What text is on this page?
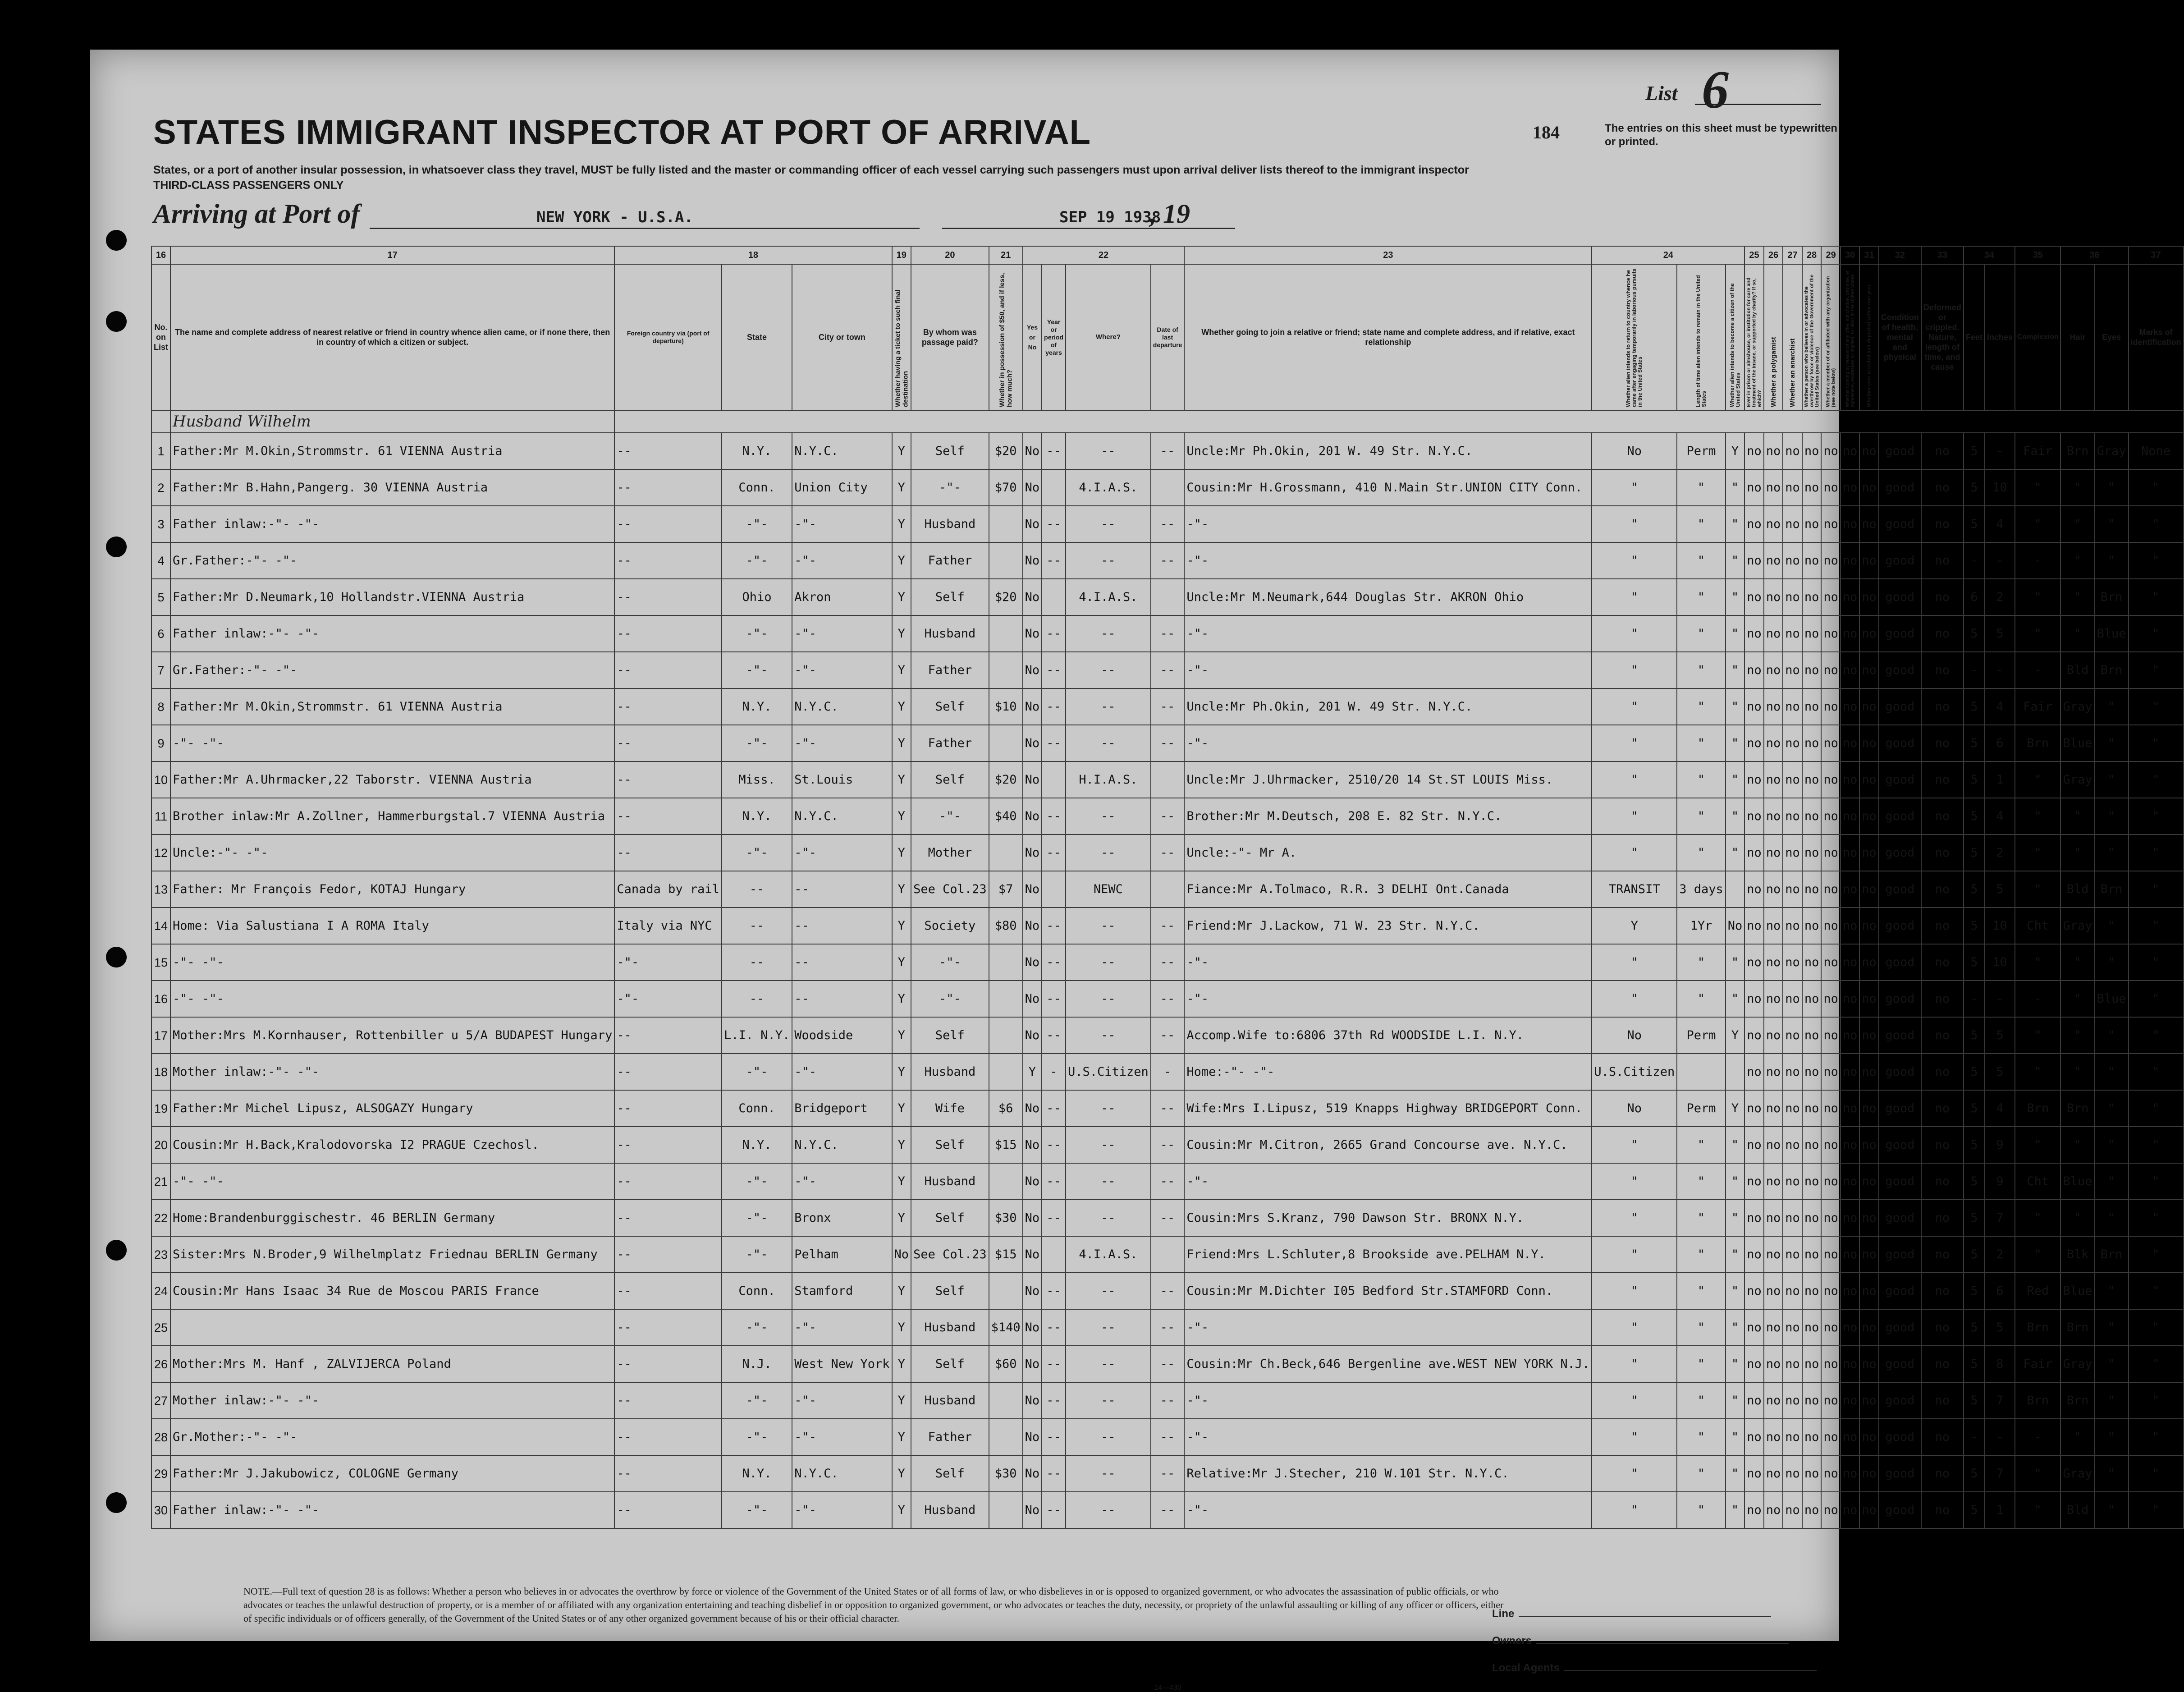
List 6
184	The entries on this sheet must be typewritten or printed.
STATES IMMIGRANT INSPECTOR AT PORT OF ARRIVAL
States, or a port of another insular possession, in whatsoever class they travel, MUST be fully listed and the master or commanding officer of each vessel carrying such passengers must upon arrival deliver lists thereof to the immigrant inspector
THIRD-CLASS PASSENGERS ONLY
Arriving at Port of	NEW YORK - U.S.A.	SEP 19 1938
, 19
16	17	18			19	20	21	22				23	24			25	26	27	28	29	30	31	32	33	34		35	36		37
No. on List	The name and complete address of nearest relative or friend in country whence alien came, or if none there, then in country of which a citizen or subject.	Foreign country via (port of departure)	State	City or town	Whether having a ticket to such final destination	By whom was passage paid?	Whether in possession of $50, and if less, how much?	Yes or No	Year or period of years	Where?	Date of last departure	Whether going to join a relative or friend; state name and complete address, and if relative, exact relationship	Whether alien intends to return to country whence he came after engaging temporarily in laborious pursuits in the United States	Length of time alien intends to remain in the United States	Whether alien intends to become a citizen of the United States	Ever in prison or almshouse, or institution for care and treatment of the insane, or supported by charity? If so, which?	Whether a polygamist	Whether an anarchist	Whether a person who believes in or advocates the overthrow by force or violence of the Government of the United States (see below)	Whether a member of or affiliated with any organization (see note below)	Whether coming by reason of any offer, solicitation, promise, or agreement, expressed or implied, to labor in the United States	Whether ever arrested and deported within one year	Condition of health, mental and physical	Deformed or crippled. Nature, length of time, and cause	Feet	Inches	Complexion	Hair	Eyes	Marks of identification
	Husband Wilhelm																													
1	Father:Mr M.Okin,Strommstr. 61 VIENNA Austria	--	N.Y.	N.Y.C.	Y	Self	$20	No	--	--	--	Uncle:Mr Ph.Okin, 201 W. 49 Str. N.Y.C.	No	Perm	Y	no	no	no	no	no	no	no	good	no	5	-	Fair	Brn	Gray	None
2	Father:Mr B.Hahn,Pangerg. 30 VIENNA Austria	--	Conn.	Union City	Y	-"-	$70	No		4.I.A.S.		Cousin:Mr H.Grossmann, 410 N.Main Str.UNION CITY Conn.	"	"	"	no	no	no	no	no	no	no	good	no	5	10	"	"	"	"
3	Father inlaw:-"- -"-	--	-"-	-"-	Y	Husband		No	--	--	--	-"-	"	"	"	no	no	no	no	no	no	no	good	no	5	4	"	"	"	"
4	Gr.Father:-"- -"-	--	-"-	-"-	Y	Father		No	--	--	--	-"-	"	"	"	no	no	no	no	no	no	no	good	no	-	-	-	"	"	"
5	Father:Mr D.Neumark,10 Hollandstr.VIENNA Austria	--	Ohio	Akron	Y	Self	$20	No		4.I.A.S.		Uncle:Mr M.Neumark,644 Douglas Str. AKRON Ohio	"	"	"	no	no	no	no	no	no	no	good	no	6	2	"	"	Brn	"
6	Father inlaw:-"- -"-	--	-"-	-"-	Y	Husband		No	--	--	--	-"-	"	"	"	no	no	no	no	no	no	no	good	no	5	5	"	"	Blue	"
7	Gr.Father:-"- -"-	--	-"-	-"-	Y	Father		No	--	--	--	-"-	"	"	"	no	no	no	no	no	no	no	good	no	-	-	-	Bld	Brn	"
8	Father:Mr M.Okin,Strommstr. 61 VIENNA Austria	--	N.Y.	N.Y.C.	Y	Self	$10	No	--	--	--	Uncle:Mr Ph.Okin, 201 W. 49 Str. N.Y.C.	"	"	"	no	no	no	no	no	no	no	good	no	5	4	Fair	Gray	"	"
9	-"- -"-	--	-"-	-"-	Y	Father		No	--	--	--	-"-	"	"	"	no	no	no	no	no	no	no	good	no	5	6	Brn	Blue	"	"
10	Father:Mr A.Uhrmacker,22 Taborstr. VIENNA Austria	--	Miss.	St.Louis	Y	Self	$20	No		H.I.A.S.		Uncle:Mr J.Uhrmacker, 2510/20 14 St.ST LOUIS Miss.	"	"	"	no	no	no	no	no	no	no	good	no	5	1	"	Gray	"	"
11	Brother inlaw:Mr A.Zollner, Hammerburgstal.7 VIENNA Austria	--	N.Y.	N.Y.C.	Y	-"-	$40	No	--	--	--	Brother:Mr M.Deutsch, 208 E. 82 Str. N.Y.C.	"	"	"	no	no	no	no	no	no	no	good	no	5	4	"	"	"	"
12	Uncle:-"- -"-	--	-"-	-"-	Y	Mother		No	--	--	--	Uncle:-"- Mr A.	"	"	"	no	no	no	no	no	no	no	good	no	5	2	"	"	"	"
13	Father: Mr François Fedor, KOTAJ Hungary	Canada by rail	--	--	Y	See Col.23	$7	No		NEWC		Fiance:Mr A.Tolmaco, R.R. 3 DELHI Ont.Canada	TRANSIT	3 days		no	no	no	no	no	no	no	good	no	5	5	"	Bld	Brn	"
14	Home: Via Salustiana I A ROMA Italy	Italy via NYC	--	--	Y	Society	$80	No	--	--	--	Friend:Mr J.Lackow, 71 W. 23 Str. N.Y.C.	Y	1Yr	No	no	no	no	no	no	no	no	good	no	5	10	Cht	Gray	"	"
15	-"- -"-	-"-	--	--	Y	-"-		No	--	--	--	-"-	"	"	"	no	no	no	no	no	no	no	good	no	5	10	"	"	"	"
16	-"- -"-	-"-	--	--	Y	-"-		No	--	--	--	-"-	"	"	"	no	no	no	no	no	no	no	good	no	-	-	-	"	Blue	"
17	Mother:Mrs M.Kornhauser, Rottenbiller u 5/A BUDAPEST Hungary	--	L.I. N.Y.	Woodside	Y	Self		No	--	--	--	Accomp.Wife to:6806 37th Rd WOODSIDE L.I. N.Y.	No	Perm	Y	no	no	no	no	no	no	no	good	no	5	5	"	"	"	"
18	Mother inlaw:-"- -"-	--	-"-	-"-	Y	Husband		Y	-	U.S.Citizen	-	Home:-"- -"-	U.S.Citizen			no	no	no	no	no	no	no	good	no	5	5	"	"	"	"
19	Father:Mr Michel Lipusz, ALSOGAZY Hungary	--	Conn.	Bridgeport	Y	Wife	$6	No	--	--	--	Wife:Mrs I.Lipusz, 519 Knapps Highway BRIDGEPORT Conn.	No	Perm	Y	no	no	no	no	no	no	no	good	no	5	4	Brn	Brn	"	"
20	Cousin:Mr H.Back,Kralodovorska I2 PRAGUE Czechosl.	--	N.Y.	N.Y.C.	Y	Self	$15	No	--	--	--	Cousin:Mr M.Citron, 2665 Grand Concourse ave. N.Y.C.	"	"	"	no	no	no	no	no	no	no	good	no	5	9	"	"	"	"
21	-"- -"-	--	-"-	-"-	Y	Husband		No	--	--	--	-"-	"	"	"	no	no	no	no	no	no	no	good	no	5	9	Cht	Blue	"	"
22	Home:Brandenburggischestr. 46 BERLIN Germany	--	-"-	Bronx	Y	Self	$30	No	--	--	--	Cousin:Mrs S.Kranz, 790 Dawson Str. BRONX N.Y.	"	"	"	no	no	no	no	no	no	no	good	no	5	7	"	"	"	"
23	Sister:Mrs N.Broder,9 Wilhelmplatz Friednau BERLIN Germany	--	-"-	Pelham	No	See Col.23	$15	No		4.I.A.S.		Friend:Mrs L.Schluter,8 Brookside ave.PELHAM N.Y.	"	"	"	no	no	no	no	no	no	no	good	no	5	2	"	Blk	Brn	"
24	Cousin:Mr Hans Isaac 34 Rue de Moscou PARIS France	--	Conn.	Stamford	Y	Self		No	--	--	--	Cousin:Mr M.Dichter I05 Bedford Str.STAMFORD Conn.	"	"	"	no	no	no	no	no	no	no	good	no	5	6	Red	Blue	"	"
25		--	-"-	-"-	Y	Husband	$140	No	--	--	--	-"-	"	"	"	no	no	no	no	no	no	no	good	no	5	5	Brn	Brn	"	"
26	Mother:Mrs M. Hanf , ZALVIJERCA Poland	--	N.J.	West New York	Y	Self	$60	No	--	--	--	Cousin:Mr Ch.Beck,646 Bergenline ave.WEST NEW YORK N.J.	"	"	"	no	no	no	no	no	no	no	good	no	5	8	Fair	Gray	"	"
27	Mother inlaw:-"- -"-	--	-"-	-"-	Y	Husband		No	--	--	--	-"-	"	"	"	no	no	no	no	no	no	no	good	no	5	7	Brn	Brn	"	"
28	Gr.Mother:-"- -"-	--	-"-	-"-	Y	Father		No	--	--	--	-"-	"	"	"	no	no	no	no	no	no	no	good	no	-	-	-	"	"	"
29	Father:Mr J.Jakubowicz, COLOGNE Germany	--	N.Y.	N.Y.C.	Y	Self	$30	No	--	--	--	Relative:Mr J.Stecher, 210 W.101 Str. N.Y.C.	"	"	"	no	no	no	no	no	no	no	good	no	5	7	"	Gray	"	"
30	Father inlaw:-"- -"-	--	-"-	-"-	Y	Husband		No	--	--	--	-"-	"	"	"	no	no	no	no	no	no	no	good	no	5	1	"	Bld	"	"
NOTE.—Full text of question 28 is as follows: Whether a person who believes in or advocates the overthrow by force or violence of the Government of the United States or of all forms of law, or who disbelieves in or is opposed to organized government, or who advocates the assassination of public officials, or who advocates or teaches the unlawful destruction of property, or is a member of or affiliated with any organization entertaining and teaching disbelief in or opposition to organized government, or who advocates or teaches the duty, necessity, or propriety of the unlawful assaulting or killing of any officer or officers, either of specific individuals or of officers generally, of the Government of the United States or of any other organized government because of his or their official character.	Line
Owners
Local Agents
14—430
